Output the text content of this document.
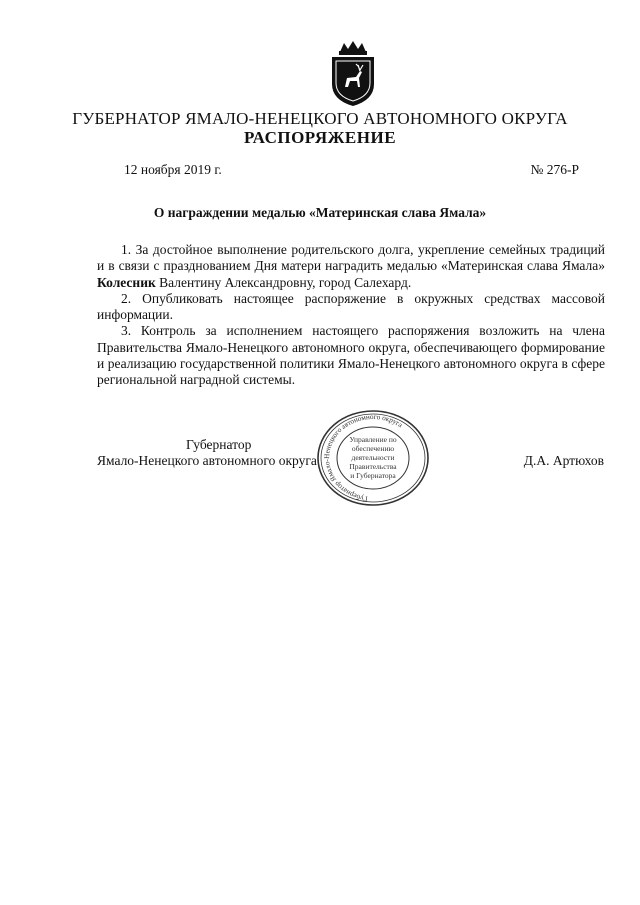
ГУБЕРНАТОР ЯМАЛО-НЕНЕЦКОГО АВТОНОМНОГО ОКРУГА
РАСПОРЯЖЕНИЕ
12 ноября 2019 г.	№ 276-Р
О награждении медалью «Материнская слава Ямала»

1. За достойное выполнение родительского долга, укрепление семейных традиций и в связи с празднованием Дня матери наградить медалью «Материнская слава Ямала» Колесник Валентину Александровну, город Салехард.

2. Опубликовать настоящее распоряжение в окружных средствах массовой информации.

3. Контроль за исполнением настоящего распоряжения возложить на члена Правительства Ямало-Ненецкого автономного округа, обеспечивающего формирование и реализацию государственной политики Ямало-Ненецкого автономного округа в сфере региональной наградной системы.

Губернатор Ямало-Ненецкого автономного округа
Управление по
обеспечению
деятельности
Правительства
и Губернатора
Губернатор
Ямало-Ненецкого автономного округа	Д.А. Артюхов
